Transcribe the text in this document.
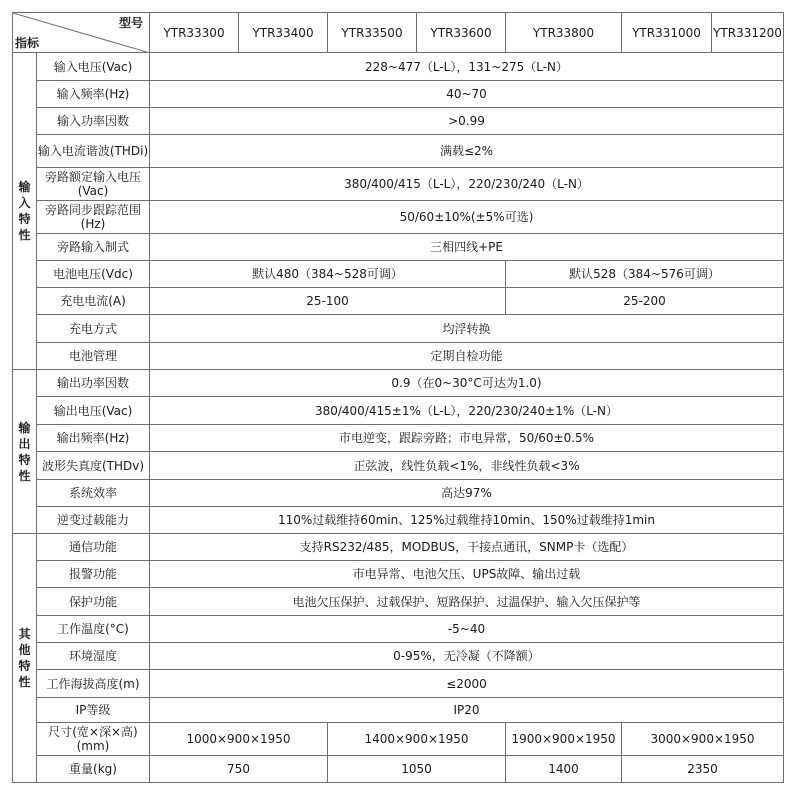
型号
指标		YTR33300	YTR33400	YTR33500	YTR33600	YTR33800	YTR331000	YTR331200

输
入
特
性	输入电压(Vac)	228~477（L-L），131~275（L-N）						
	输入频率(Hz)	40~70						
	输入功率因数	>0.99						
	输入电流谐波(THDi)	满载≤2%						
	旁路额定输入电压(Vac)	380/400/415（L-L），220/230/240（L-N）						
	旁路同步跟踪范围(Hz)	50/60±10%(±5%可选)						
	旁路输入制式	三相四线+PE						
	电池电压(Vdc)	默认480（384~528可调）				默认528（384~576可调）		
	充电电流(A)	25-100				25-200		
	充电方式	均浮转换						
	电池管理	定期自检功能						

输
出
特
性	输出功率因数	0.9（在0~30°C可达为1.0)						
	输出电压(Vac)	380/400/415±1%（L-L），220/230/240±1%（L-N）						
	输出频率(Hz)	市电逆变，跟踪旁路；市电异常，50/60±0.5%						
	波形失真度(THDv)	正弦波，线性负载<1%，非线性负载<3%						
	系统效率	高达97%						
	逆变过载能力	110%过载维持60min、125%过载维持10min、150%过载维持1min						

其
他
特
性	通信功能	支持RS232/485，MODBUS，干接点通讯，SNMP卡（选配）						
	报警功能	市电异常、电池欠压、UPS故障、输出过载						
	保护功能	电池欠压保护、过载保护、短路保护、过温保护、输入欠压保护等						
	工作温度(°C)	-5~40						
	环境湿度	0-95%，无冷凝（不降额）						
	工作海拔高度(m)	≤2000						
	IP等级	IP20						
	尺寸(宽×深×高)(mm)	1000×900×1950		1400×900×1950		1900×900×1950	3000×900×1950	
	重量(kg)	750		1050		1400	2350	
